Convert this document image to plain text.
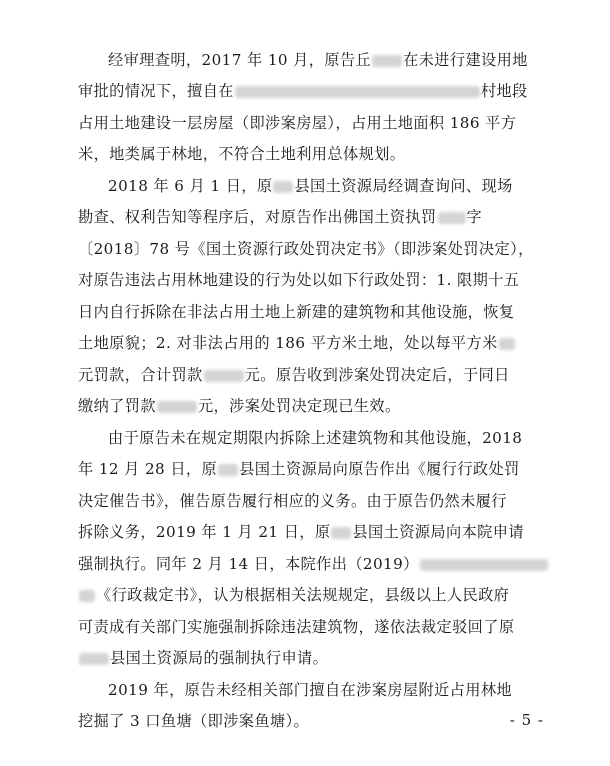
经审理查明，2017 年 10 月，原告丘 在未进行建设用地
审批的情况下，擅自在	村地段
占用土地建设一层房屋（即涉案房屋），占用土地面积 186 平方
米，地类属于林地，不符合土地利用总体规划。
2018 年 6 月 1 日，原 县国土资源局经调查询问、现场
勘查、权利告知等程序后，对原告作出佛国土资执罚 字
〔2018〕78 号《国土资源行政处罚决定书》（即涉案处罚决定），
对原告违法占用林地建设的行为处以如下行政处罚：1. 限期十五
日内自行拆除在非法占用土地上新建的建筑物和其他设施，恢复
土地原貌；2. 对非法占用的 186 平方米土地，处以每平方米
元罚款，合计罚款	元。原告收到涉案处罚决定后，于同日
缴纳了罚款	元，涉案处罚决定现已生效。
由于原告未在规定期限内拆除上述建筑物和其他设施，2018
年 12 月 28 日，原 县国土资源局向原告作出《履行行政处罚
决定催告书》，催告原告履行相应的义务。由于原告仍然未履行
拆除义务，2019 年 1 月 21 日，原 县国土资源局向本院申请
强制执行。同年 2 月 14 日，本院作出（2019）
《行政裁定书》，认为根据相关法规规定，县级以上人民政府
可责成有关部门实施强制拆除违法建筑物，遂依法裁定驳回了原
县国土资源局的强制执行申请。
2019 年，原告未经相关部门擅自在涉案房屋附近占用林地
挖掘了 3 口鱼塘（即涉案鱼塘）。	- 5 -
